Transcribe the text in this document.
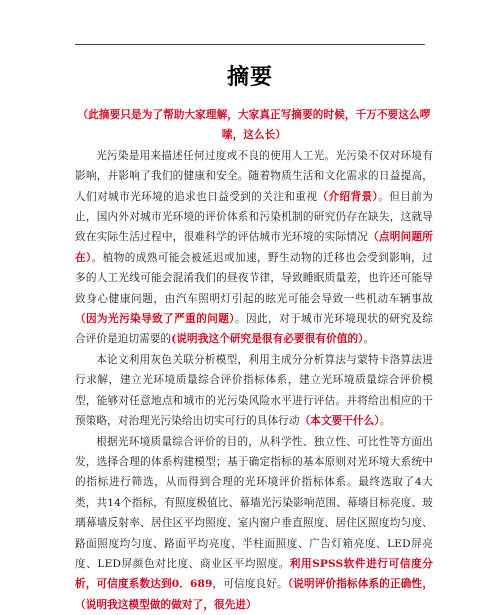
摘要

（此摘要只是为了帮助大家理解，大家真正写摘要的时候，千万不要这么啰嗦，这么长）

光污染是用来描述任何过度或不良的使用人工光。光污染不仅对环境有影响，并影响了我们的健康和安全。随着物质生活和文化需求的日益提高，人们对城市光环境的追求也日益受到的关注和重视（介绍背景）。但目前为止，国内外对城市光环境的评价体系和污染机制的研究仍存在缺失，这就导致在实际生活过程中，很难科学的评估城市光环境的实际情况（点明问题所在）。植物的成熟可能会被延迟或加速，野生动物的迁移也会受到影响，过多的人工光线可能会混淆我们的昼夜节律，导致睡眠质量差，也许还可能导致身心健康问题，由汽车照明灯引起的眩光可能会导致一些机动车辆事故（因为光污染导致了严重的问题）。因此，对于城市光环境现状的研究及综合评价是迫切需要的(说明我这个研究是很有必要很有价值的）。

本论文利用灰色关联分析模型，利用主成分分析算法与蒙特卡洛算法进行求解，建立光环境质量综合评价指标体系，建立光环境质量综合评价模型，能够对任意地点和城市的光污染风险水平进行评估。并将给出相应的干预策略，对治理光污染给出切实可行的具体行动（本文要干什么）。

根据光环境质量综合评价的目的，从科学性、独立性、可比性等方面出发，选择合理的体系构建模型；基于确定指标的基本原则对光环境大系统中的指标进行筛选，从而得到合理的光环境评价指标体系。最终选取了4大类，共14个指标，有照度极值比、幕墙光污染影响范围、幕墙目标亮度、玻璃幕墙反射率、居住区平均照度、室内窗户垂直照度、居住区照度均匀度、路面照度均匀度、路面平均亮度、半柱面照度、广告灯箱亮度、LED屏亮度、LED屏颜色对比度、商业区平均照度。利用SPSS软件进行可信度分析，可信度系数达到0．689，可信度良好。（说明评价指标体系的正确性，（说明我这模型做的做对了，很先进）
